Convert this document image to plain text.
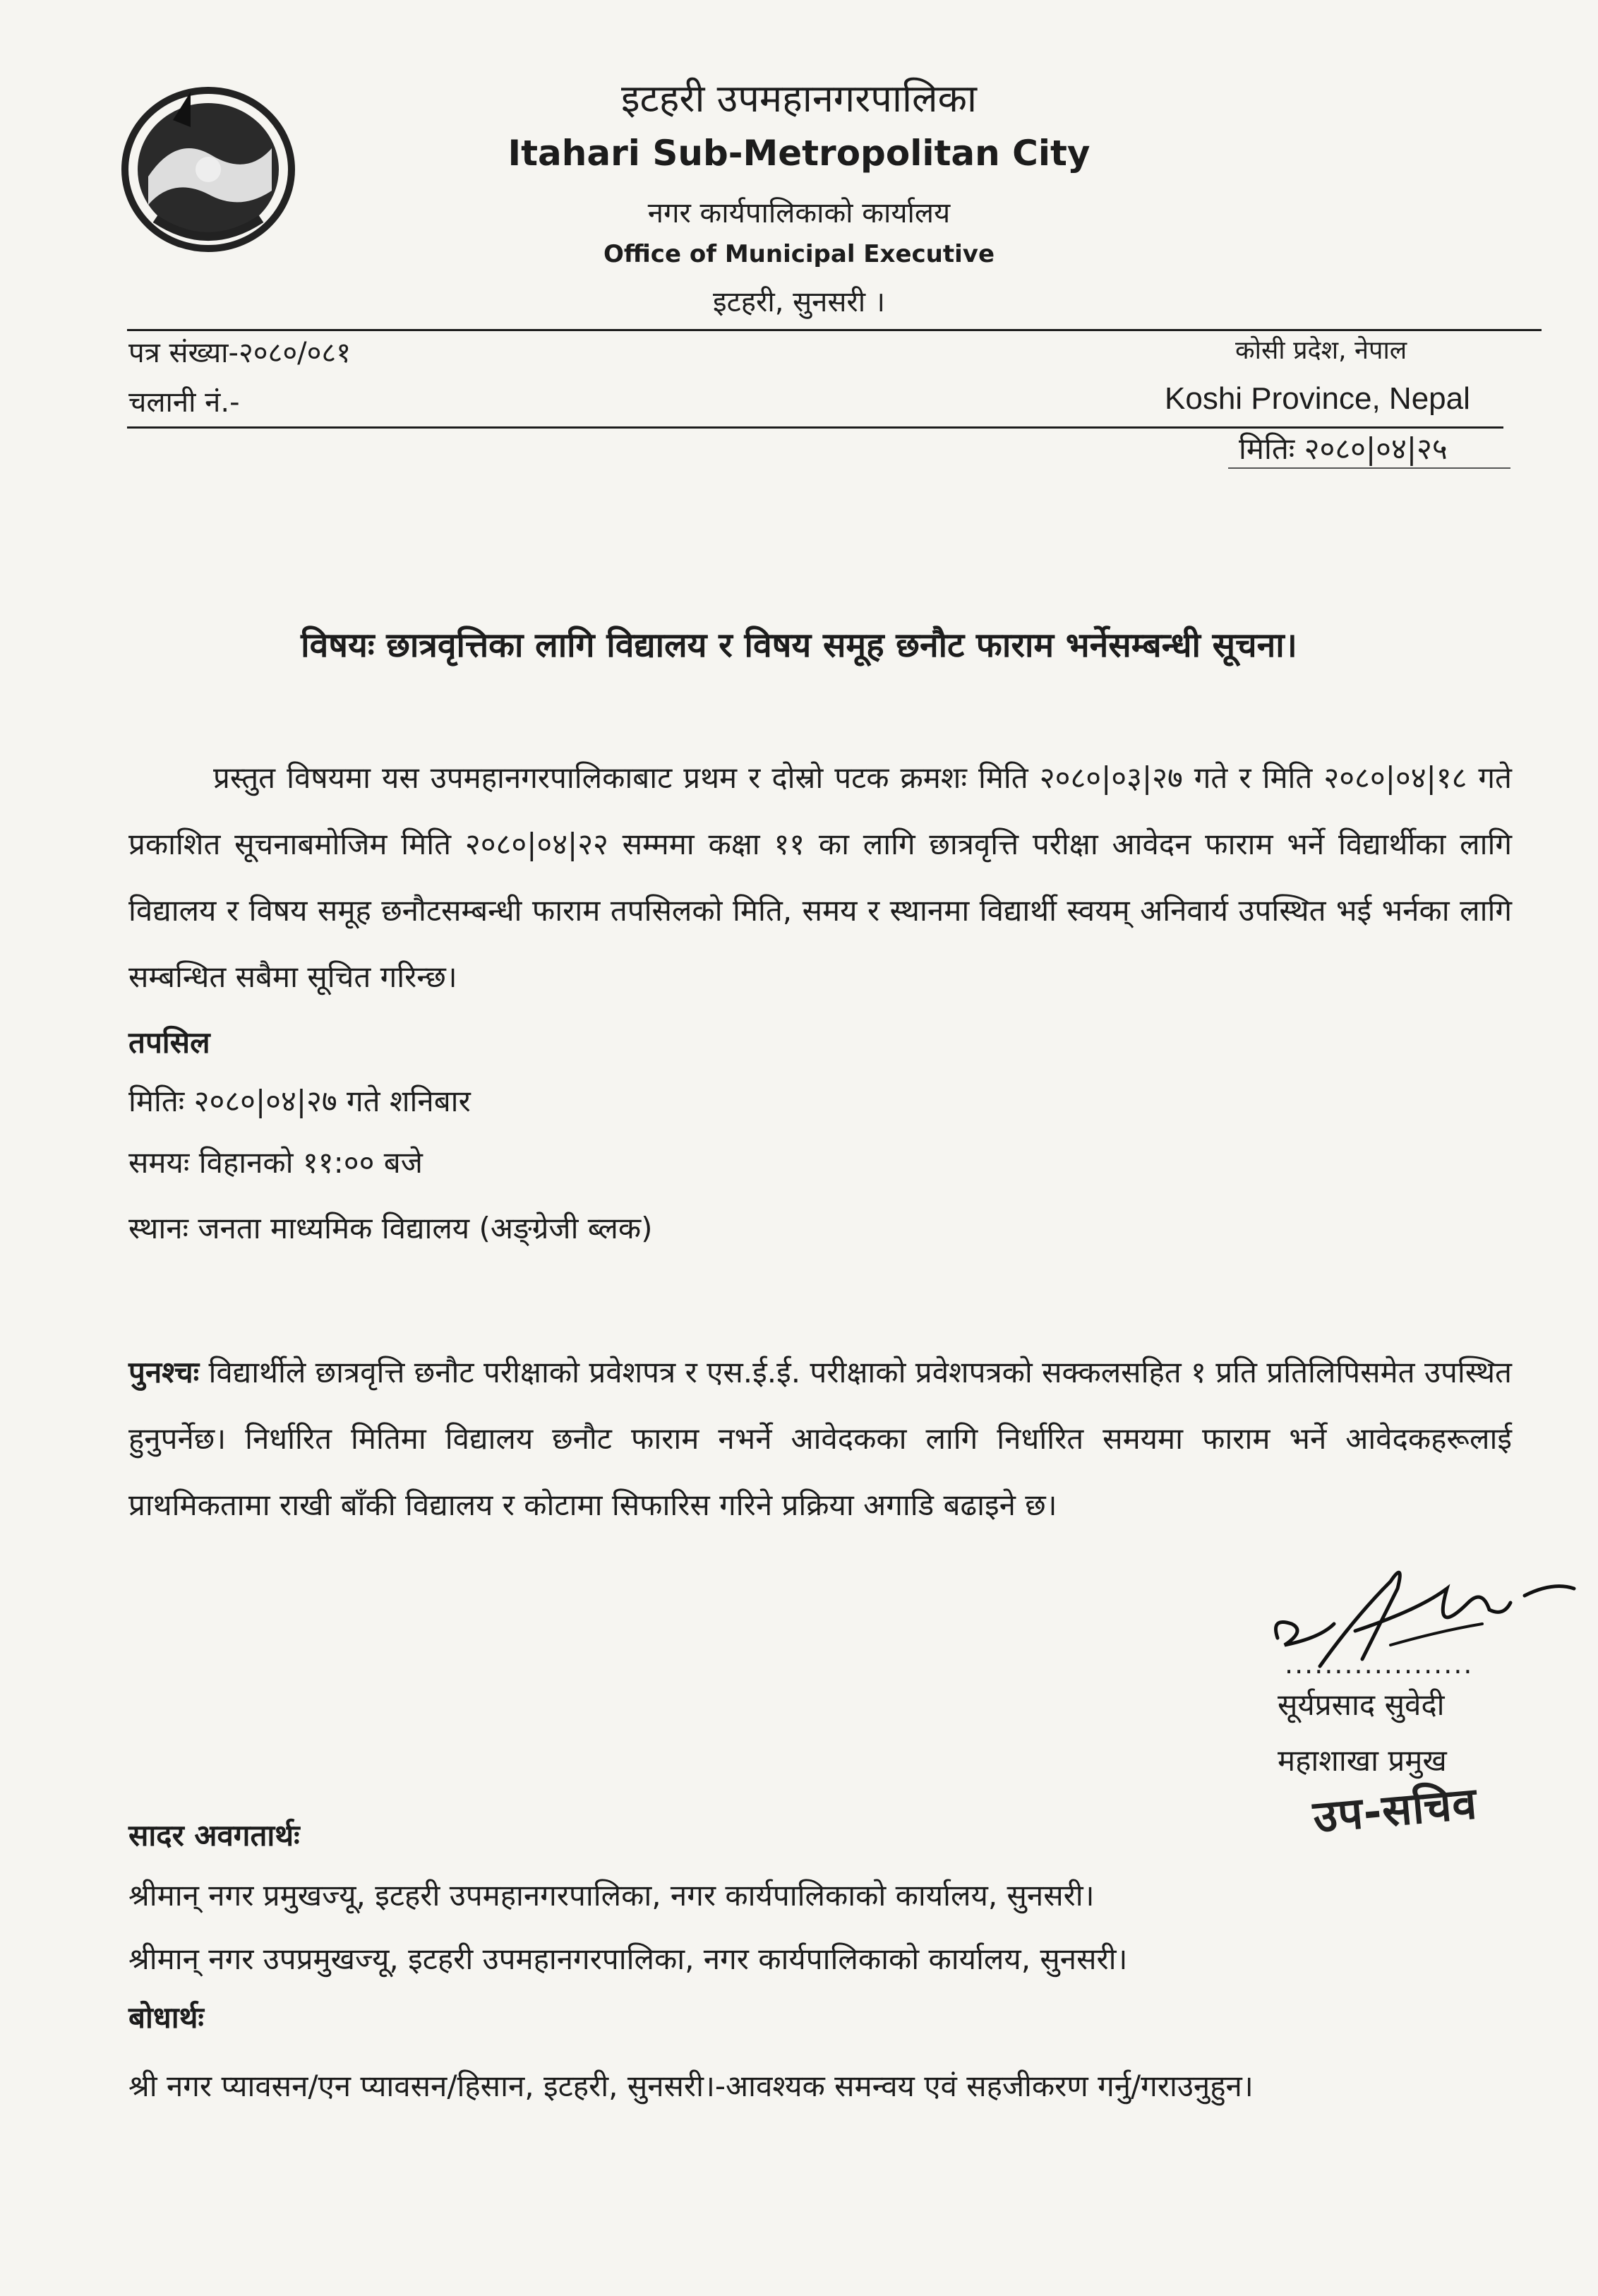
इटहरी उपमहानगरपालिका
Itahari Sub-Metropolitan City
नगर कार्यपालिकाको कार्यालय
Office of Municipal Executive
इटहरी, सुनसरी ।
पत्र संख्या-२०८०/०८१
चलानी नं.-
कोसी प्रदेश, नेपाल
Koshi Province, Nepal
मितिः २०८०|०४|२५
विषयः छात्रवृत्तिका लागि विद्यालय र विषय समूह छनौट फाराम भर्नेसम्बन्धी सूचना।
प्रस्तुत विषयमा यस उपमहानगरपालिकाबाट प्रथम र दोस्रो पटक क्रमशः मिति २०८०|०३|२७ गते र मिति २०८०|०४|१८ गते प्रकाशित सूचनाबमोजिम मिति २०८०|०४|२२ सम्ममा कक्षा ११ का लागि छात्रवृत्ति परीक्षा आवेदन फाराम भर्ने विद्यार्थीका लागि विद्यालय र विषय समूह छनौटसम्बन्धी फाराम तपसिलको मिति, समय र स्थानमा विद्यार्थी स्वयम् अनिवार्य उपस्थित भई भर्नका लागि सम्बन्धित सबैमा सूचित गरिन्छ।
तपसिल
मितिः २०८०|०४|२७ गते शनिबार
समयः विहानको ११:०० बजे
स्थानः जनता माध्यमिक विद्यालय (अङ्ग्रेजी ब्लक)
पुनश्चः विद्यार्थीले छात्रवृत्ति छनौट परीक्षाको प्रवेशपत्र र एस.ई.ई. परीक्षाको प्रवेशपत्रको सक्कलसहित १ प्रति प्रतिलिपिसमेत उपस्थित हुनुपर्नेछ। निर्धारित मितिमा विद्यालय छनौट फाराम नभर्ने आवेदकका लागि निर्धारित समयमा फाराम भर्ने आवेदकहरूलाई प्राथमिकतामा राखी बाँकी विद्यालय र कोटामा सिफारिस गरिने प्रक्रिया अगाडि बढाइने छ।
...................
सूर्यप्रसाद सुवेदी
महाशाखा प्रमुख
उप-सचिव
सादर अवगतार्थः
श्रीमान् नगर प्रमुखज्यू, इटहरी उपमहानगरपालिका, नगर कार्यपालिकाको कार्यालय, सुनसरी।
श्रीमान् नगर उपप्रमुखज्यू, इटहरी उपमहानगरपालिका, नगर कार्यपालिकाको कार्यालय, सुनसरी।
बोधार्थः
श्री नगर प्यावसन/एन प्यावसन/हिसान, इटहरी, सुनसरी।-आवश्यक समन्वय एवं सहजीकरण गर्नु/गराउनुहुन।
